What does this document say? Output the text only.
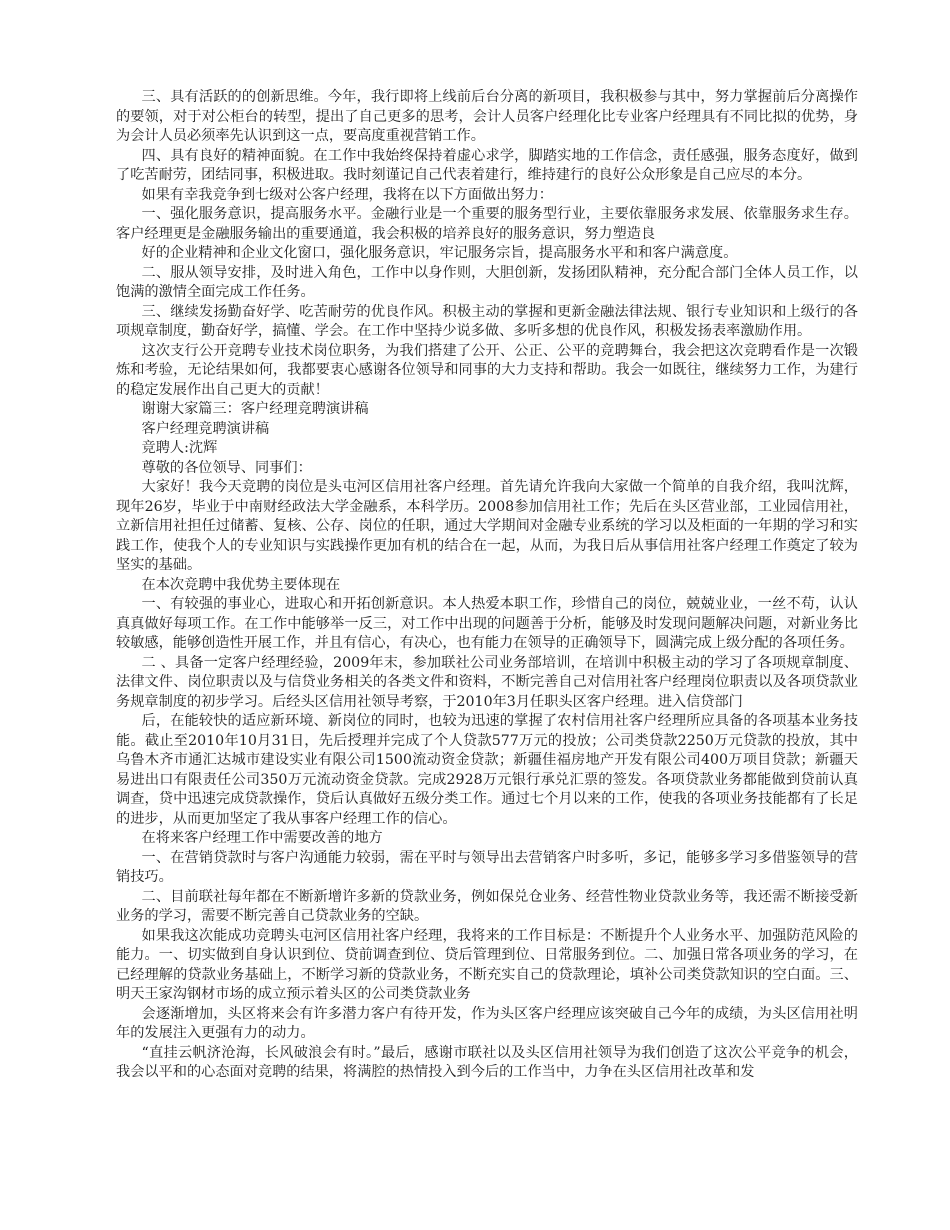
三、具有活跃的的创新思维。今年，我行即将上线前后台分离的新项目，我积极参与其中，努力掌握前后分离操作的要领，对于对公柜台的转型，提出了自己更多的思考，会计人员客户经理化比专业客户经理具有不同比拟的优势，身为会计人员必须率先认识到这一点，要高度重视营销工作。

四、具有良好的精神面貌。在工作中我始终保持着虚心求学，脚踏实地的工作信念，责任感强，服务态度好，做到了吃苦耐劳，团结同事，积极进取。我时刻谨记自己代表着建行，维持建行的良好公众形象是自己应尽的本分。

如果有幸我竞争到七级对公客户经理，我将在以下方面做出努力：

一、强化服务意识，提高服务水平。金融行业是一个重要的服务型行业，主要依靠服务求发展、依靠服务求生存。客户经理更是金融服务输出的重要通道，我会积极的培养良好的服务意识，努力塑造良

好的企业精神和企业文化窗口，强化服务意识，牢记服务宗旨，提高服务水平和和客户满意度。

二、服从领导安排，及时进入角色，工作中以身作则，大胆创新，发扬团队精神，充分配合部门全体人员工作，以饱满的激情全面完成工作任务。

三、继续发扬勤奋好学、吃苦耐劳的优良作风。积极主动的掌握和更新金融法律法规、银行专业知识和上级行的各项规章制度，勤奋好学，搞懂、学会。在工作中坚持少说多做、多听多想的优良作风，积极发扬表率激励作用。

这次支行公开竞聘专业技术岗位职务，为我们搭建了公开、公正、公平的竞聘舞台，我会把这次竞聘看作是一次锻炼和考验，无论结果如何，我都要衷心感谢各位领导和同事的大力支持和帮助。我会一如既往，继续努力工作，为建行的稳定发展作出自己更大的贡献！

谢谢大家篇三：客户经理竞聘演讲稿

客户经理竞聘演讲稿

竞聘人:沈辉

尊敬的各位领导、同事们：

大家好！我今天竞聘的岗位是头屯河区信用社客户经理。首先请允许我向大家做一个简单的自我介绍，我叫沈辉，现年26岁，毕业于中南财经政法大学金融系，本科学历。2008参加信用社工作；先后在头区营业部，工业园信用社，立新信用社担任过储蓄、复核、公存、岗位的任职，通过大学期间对金融专业系统的学习以及柜面的一年期的学习和实践工作，使我个人的专业知识与实践操作更加有机的结合在一起，从而，为我日后从事信用社客户经理工作奠定了较为坚实的基础。

在本次竞聘中我优势主要体现在

一、有较强的事业心，进取心和开拓创新意识。本人热爱本职工作，珍惜自己的岗位，兢兢业业，一丝不苟，认认真真做好每项工作。在工作中能够举一反三，对工作中出现的问题善于分析，能够及时发现问题解决问题，对新业务比较敏感，能够创造性开展工作，并且有信心，有决心，也有能力在领导的正确领导下，圆满完成上级分配的各项任务。

二 、具备一定客户经理经验，2009年末，参加联社公司业务部培训，在培训中积极主动的学习了各项规章制度、法律文件、岗位职责以及与信贷业务相关的各类文件和资料，不断完善自己对信用社客户经理岗位职责以及各项贷款业务规章制度的初步学习。后经头区信用社领导考察，于2010年3月任职头区客户经理。进入信贷部门

后，在能较快的适应新环境、新岗位的同时，也较为迅速的掌握了农村信用社客户经理所应具备的各项基本业务技能。截止至2010年10月31日，先后授理并完成了个人贷款577万元的投放；公司类贷款2250万元贷款的投放，其中乌鲁木齐市通汇达城市建设实业有限公司1500流动资金贷款；新疆佳福房地产开发有限公司400万项目贷款；新疆天易进出口有限责任公司350万元流动资金贷款。完成2928万元银行承兑汇票的签发。各项贷款业务都能做到贷前认真调查，贷中迅速完成贷款操作，贷后认真做好五级分类工作。通过七个月以来的工作，使我的各项业务技能都有了长足的进步，从而更加坚定了我从事客户经理工作的信心。

在将来客户经理工作中需要改善的地方

一、在营销贷款时与客户沟通能力较弱，需在平时与领导出去营销客户时多听，多记，能够多学习多借鉴领导的营销技巧。

二、目前联社每年都在不断新增许多新的贷款业务，例如保兑仓业务、经营性物业贷款业务等，我还需不断接受新业务的学习，需要不断完善自己贷款业务的空缺。

如果我这次能成功竞聘头屯河区信用社客户经理，我将来的工作目标是：不断提升个人业务水平、加强防范风险的能力。一、切实做到自身认识到位、贷前调查到位、贷后管理到位、日常服务到位。二、加强日常各项业务的学习，在已经理解的贷款业务基础上，不断学习新的贷款业务，不断充实自己的贷款理论，填补公司类贷款知识的空白面。三、明天王家沟钢材市场的成立预示着头区的公司类贷款业务

会逐渐增加，头区将来会有许多潜力客户有待开发，作为头区客户经理应该突破自己今年的成绩，为头区信用社明年的发展注入更强有力的动力。

“直挂云帆济沧海，长风破浪会有时。”最后，感谢市联社以及头区信用社领导为我们创造了这次公平竞争的机会，我会以平和的心态面对竞聘的结果，将满腔的热情投入到今后的工作当中，力争在头区信用社改革和发
